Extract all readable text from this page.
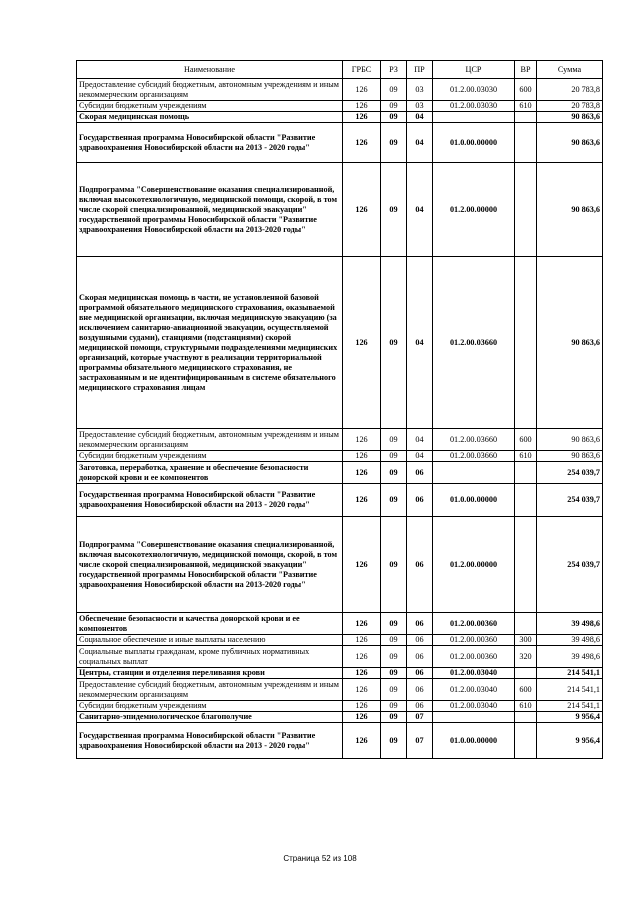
Наименование	ГРБС	РЗ	ПР	ЦСР	ВР	Сумма
Предоставление субсидий бюджетным, автономным учреждениям и иным некоммерческим организациям	126	09	03	01.2.00.03030	600	20 783,8
Субсидии бюджетным учреждениям	126	09	03	01.2.00.03030	610	20 783,8
Скорая медицинская помощь	126	09	04			90 863,6
Государственная программа Новосибирской области "Развитие здравоохранения Новосибирской области на 2013 - 2020 годы"	126	09	04	01.0.00.00000		90 863,6
Подпрограмма "Совершенствование оказания специализированной, включая высокотехнологичную, медицинской помощи, скорой, в том числе скорой специализированной, медицинской эвакуации" государственной программы Новосибирской области "Развитие здравоохранения Новосибирской области на 2013-2020 годы"	126	09	04	01.2.00.00000		90 863,6
Скорая медицинская помощь в части, не установленной базовой программой обязательного медицинского страхования, оказываемой вне медицинской организации, включая медицинскую эвакуацию (за исключением санитарно-авиационной эвакуации, осуществляемой воздушными судами), станциями (подстанциями) скорой медицинской помощи, структурными подразделениями медицинских организаций, которые участвуют в реализации территориальной программы обязательного медицинского страхования, не застрахованным и не идентифицированным в системе обязательного медицинского страхования лицам	126	09	04	01.2.00.03660		90 863,6
Предоставление субсидий бюджетным, автономным учреждениям и иным некоммерческим организациям	126	09	04	01.2.00.03660	600	90 863,6
Субсидии бюджетным учреждениям	126	09	04	01.2.00.03660	610	90 863,6
Заготовка, переработка, хранение и обеспечение безопасности донорской крови и ее компонентов	126	09	06			254 039,7
Государственная программа Новосибирской области "Развитие здравоохранения Новосибирской области на 2013 - 2020 годы"	126	09	06	01.0.00.00000		254 039,7
Подпрограмма "Совершенствование оказания специализированной, включая высокотехнологичную, медицинской помощи, скорой, в том числе скорой специализированной, медицинской эвакуации" государственной программы Новосибирской области "Развитие здравоохранения Новосибирской области на 2013-2020 годы"	126	09	06	01.2.00.00000		254 039,7
Обеспечение безопасности и качества донорской крови и ее компонентов	126	09	06	01.2.00.00360		39 498,6
Социальное обеспечение и иные выплаты населению	126	09	06	01.2.00.00360	300	39 498,6
Социальные выплаты гражданам, кроме публичных нормативных социальных выплат	126	09	06	01.2.00.00360	320	39 498,6
Центры, станции и отделения переливания крови	126	09	06	01.2.00.03040		214 541,1
Предоставление субсидий бюджетным, автономным учреждениям и иным некоммерческим организациям	126	09	06	01.2.00.03040	600	214 541,1
Субсидии бюджетным учреждениям	126	09	06	01.2.00.03040	610	214 541,1
Санитарно-эпидемиологическое благополучие	126	09	07			9 956,4
Государственная программа Новосибирской области "Развитие здравоохранения Новосибирской области на 2013 - 2020 годы"	126	09	07	01.0.00.00000		9 956,4
Страница 52 из 108
